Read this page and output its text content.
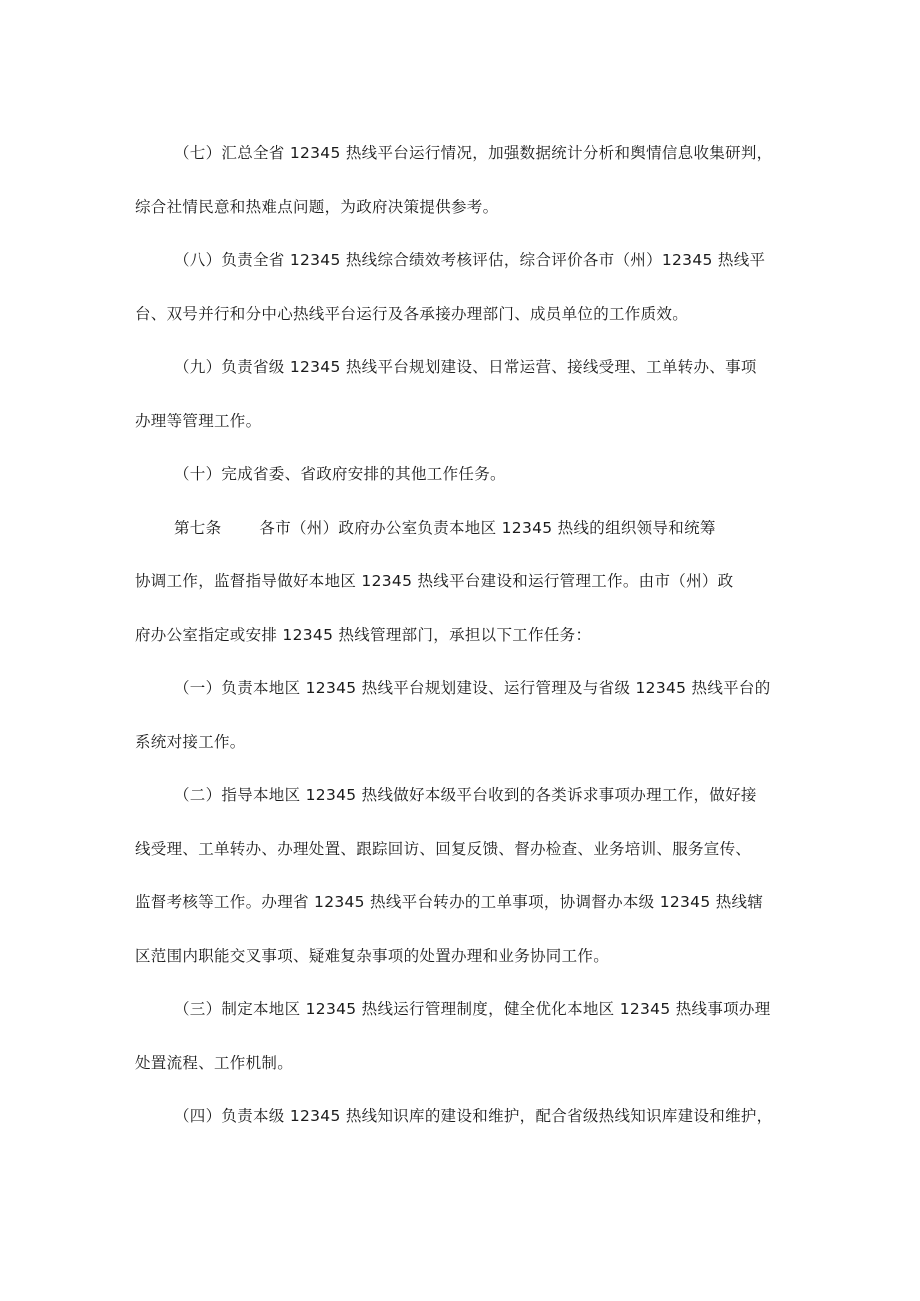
（七）汇总全省 12345 热线平台运行情况，加强数据统计分析和舆情信息收集研判，
综合社情民意和热难点问题，为政府决策提供参考。
（八）负责全省 12345 热线综合绩效考核评估，综合评价各市（州）12345 热线平
台、双号并行和分中心热线平台运行及各承接办理部门、成员单位的工作质效。
（九）负责省级 12345 热线平台规划建设、日常运营、接线受理、工单转办、事项
办理等管理工作。
（十）完成省委、省政府安排的其他工作任务。
第七条 各市（州）政府办公室负责本地区 12345 热线的组织领导和统筹
协调工作，监督指导做好本地区 12345 热线平台建设和运行管理工作。由市（州）政
府办公室指定或安排 12345 热线管理部门，承担以下工作任务：
（一）负责本地区 12345 热线平台规划建设、运行管理及与省级 12345 热线平台的
系统对接工作。
（二）指导本地区 12345 热线做好本级平台收到的各类诉求事项办理工作，做好接
线受理、工单转办、办理处置、跟踪回访、回复反馈、督办检查、业务培训、服务宣传、
监督考核等工作。办理省 12345 热线平台转办的工单事项，协调督办本级 12345 热线辖
区范围内职能交叉事项、疑难复杂事项的处置办理和业务协同工作。
（三）制定本地区 12345 热线运行管理制度，健全优化本地区 12345 热线事项办理
处置流程、工作机制。
（四）负责本级 12345 热线知识库的建设和维护，配合省级热线知识库建设和维护，
